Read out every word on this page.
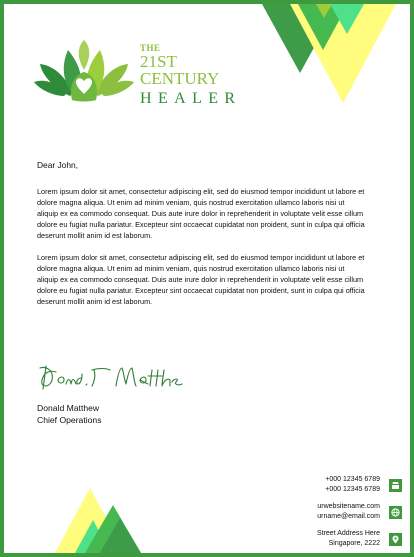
THE
21ST
CENTURY
HEALER
Dear John,
Lorem ipsum dolor sit amet, consectetur adipiscing elit, sed do eiusmod tempor incididunt ut labore et dolore magna aliqua. Ut enim ad minim veniam, quis nostrud exercitation ullamco laboris nisi ut aliquip ex ea commodo consequat. Duis aute irure dolor in reprehenderit in voluptate velit esse cillum dolore eu fugiat nulla pariatur. Excepteur sint occaecat cupidatat non proident, sunt in culpa qui officia deserunt mollit anim id est laborum.
Lorem ipsum dolor sit amet, consectetur adipiscing elit, sed do eiusmod tempor incididunt ut labore et dolore magna aliqua. Ut enim ad minim veniam, quis nostrud exercitation ullamco laboris nisi ut aliquip ex ea commodo consequat. Duis aute irure dolor in reprehenderit in voluptate velit esse cillum dolore eu fugiat nulla pariatur. Excepteur sint occaecat cupidatat non proident, sunt in culpa qui officia deserunt mollit anim id est laborum.
Donald Matthew
Chief Operations
+000 12345 6789
+000 12345 6789
urwebsitename.com
urname@email.com
Street Address Here
Singapore, 2222
